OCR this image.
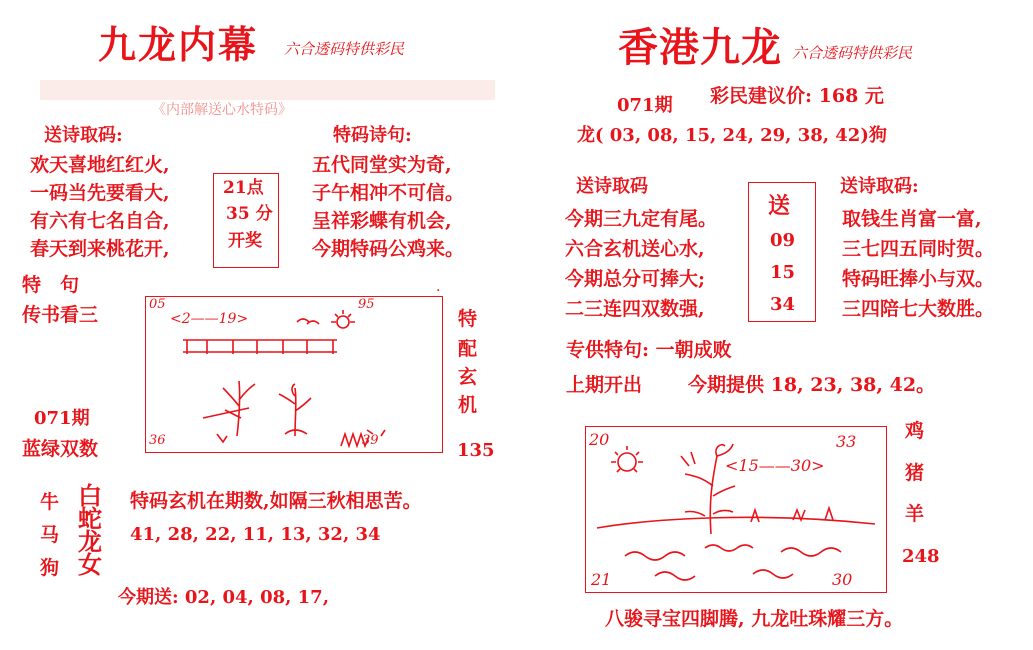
九龙内幕 六合透码特供彩民
《内部解送心水特码》
送诗取码:
欢天喜地红红火,
一码当先要看大,
有六有七名自合,
春天到来桃花开,
21点
35 分
开奖
特码诗句:
五代同堂实为奇,
子午相冲不可信。
呈祥彩蝶有机会,
今期特码公鸡来。
特　句
传书看三
071期
蓝绿双数
05	95
36	39
<2——19>	特
配
玄
机
135
.
牛
马
狗
白
蛇
龙
女
特码玄机在期数,如隔三秋相思苦。
41, 28, 22, 11, 13, 32, 34
今期送: 02, 04, 08, 17,
香港九龙 六合透码特供彩民
071期 彩民建议价: 168 元
龙( 03, 08, 15, 24, 29, 38, 42)狗
送诗取码
今期三九定有尾。
六合玄机送心水,
今期总分可捧大;
二三连四双数强,
送
09
15
34
送诗取码:
取钱生肖富一富,
三七四五同时贺。
特码旺捧小与双。
三四陪七大数胜。
专供特句: 一朝成败
上期开出 今期提供 18, 23, 38, 42。
20	33
21	30
<15——30>
鸡
猪
羊
248
八骏寻宝四脚腾, 九龙吐珠耀三方。
